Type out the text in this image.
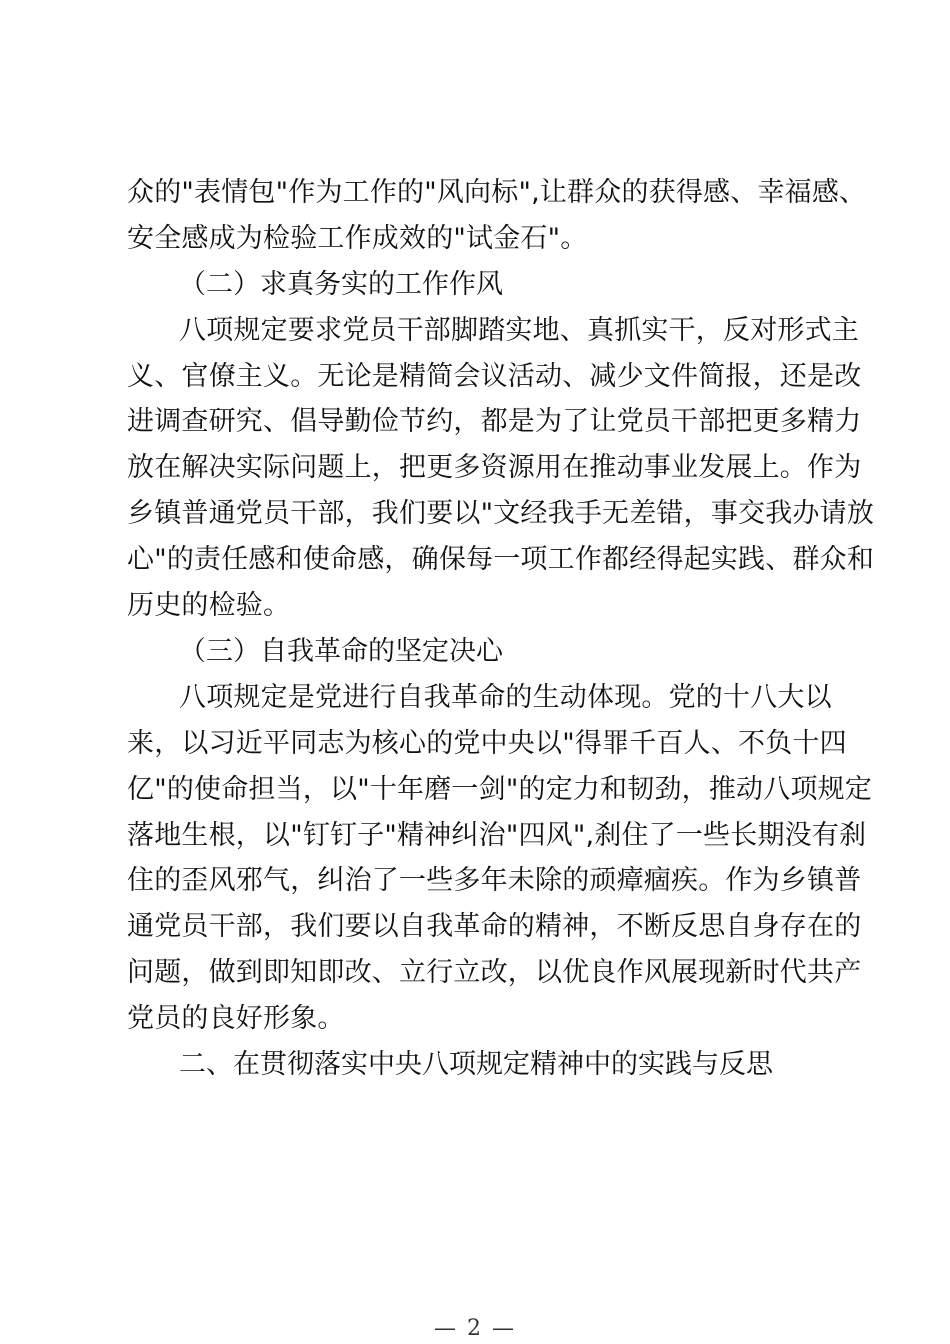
众的"表情包"作为工作的"风向标",让群众的获得感、幸福感、
安全感成为检验工作成效的"试金石"。
（二）求真务实的工作作风
八项规定要求党员干部脚踏实地、真抓实干，反对形式主
义、官僚主义。无论是精简会议活动、减少文件简报，还是改
进调查研究、倡导勤俭节约，都是为了让党员干部把更多精力
放在解决实际问题上，把更多资源用在推动事业发展上。作为
乡镇普通党员干部，我们要以"文经我手无差错，事交我办请放
心"的责任感和使命感，确保每一项工作都经得起实践、群众和
历史的检验。
（三）自我革命的坚定决心
八项规定是党进行自我革命的生动体现。党的十八大以
来，以习近平同志为核心的党中央以"得罪千百人、不负十四
亿"的使命担当，以"十年磨一剑"的定力和韧劲，推动八项规定
落地生根，以"钉钉子"精神纠治"四风",刹住了一些长期没有刹
住的歪风邪气，纠治了一些多年未除的顽瘴痼疾。作为乡镇普
通党员干部，我们要以自我革命的精神，不断反思自身存在的
问题，做到即知即改、立行立改，以优良作风展现新时代共产
党员的良好形象。
二、在贯彻落实中央八项规定精神中的实践与反思
— 2 —
